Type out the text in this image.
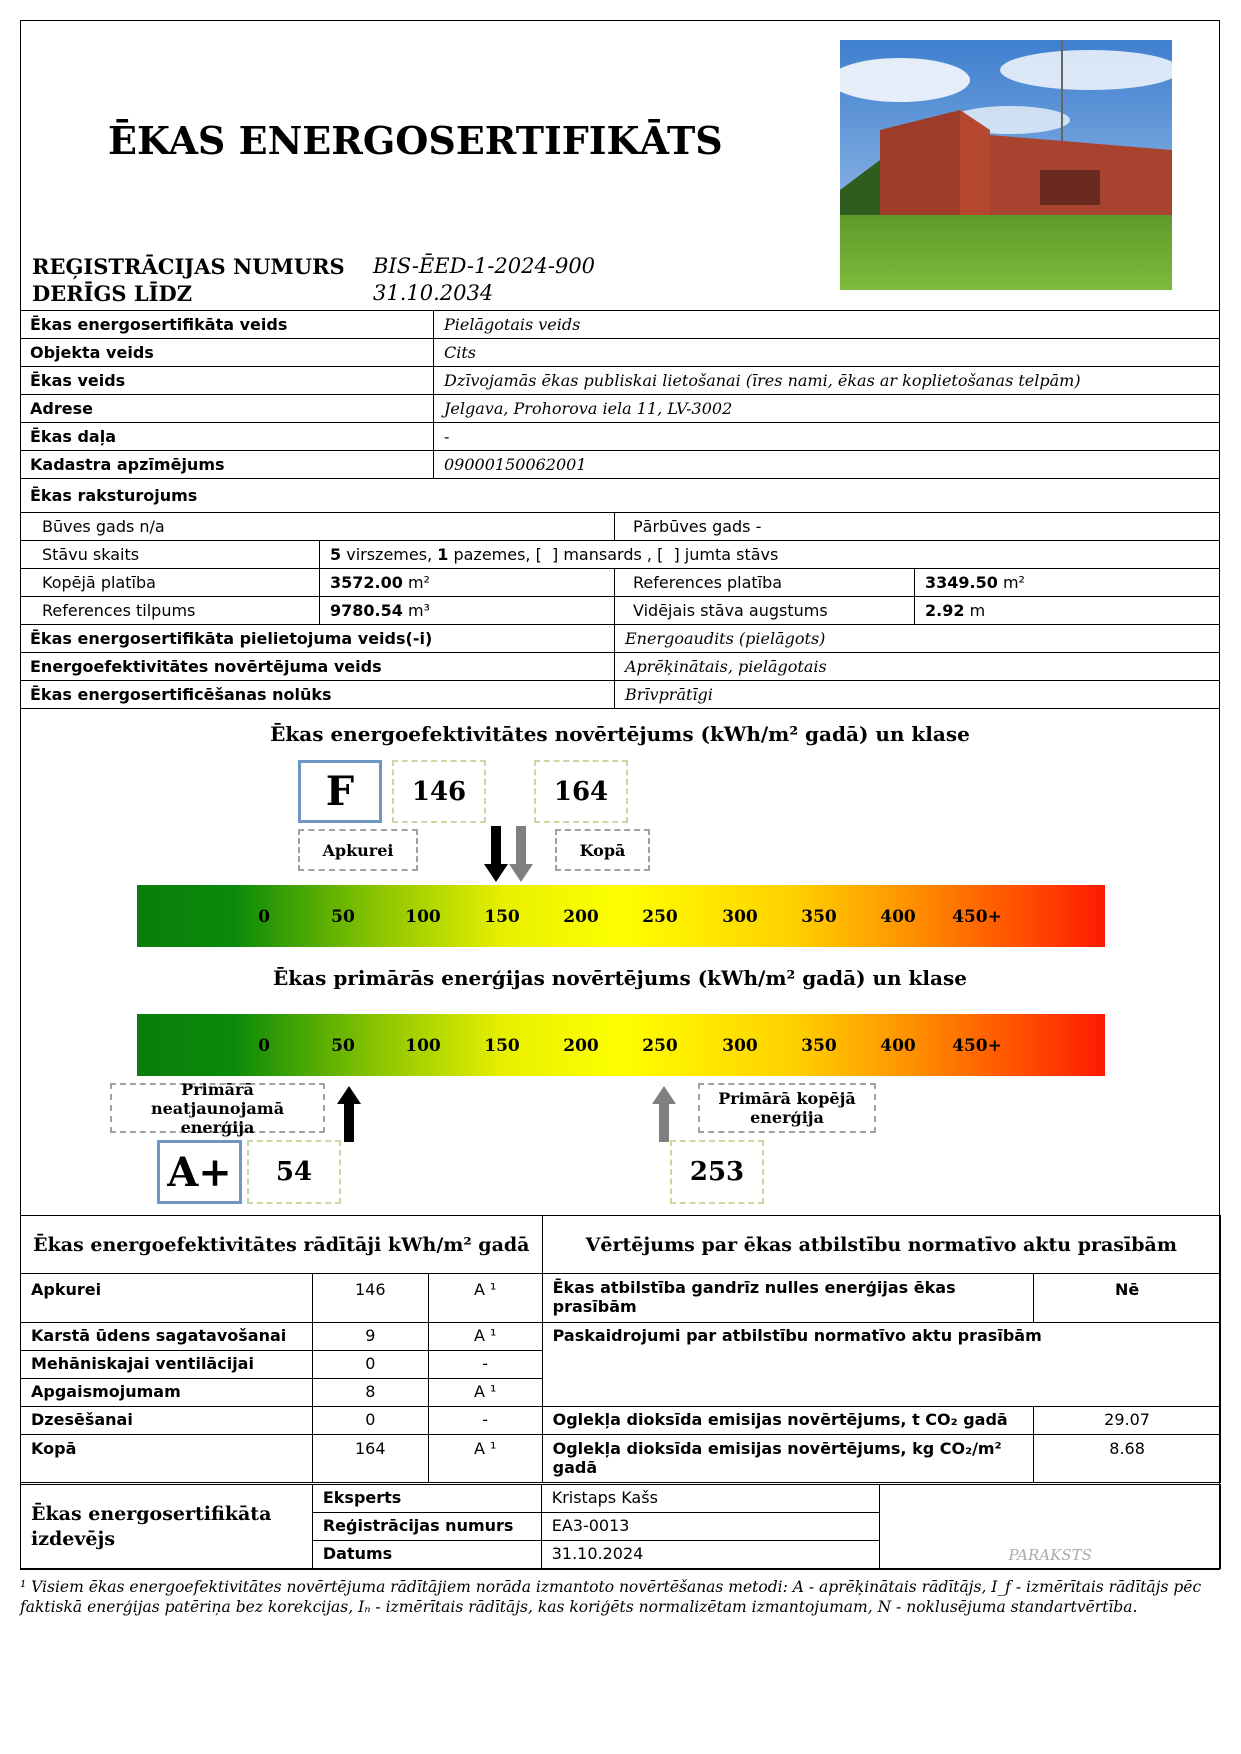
ĒKAS ENERGOSERTIFIKĀTS
REĢISTRĀCIJAS NUMURS BIS-ĒED-1-2024-900
DERĪGS LĪDZ	31.10.2034
Ēkas energosertifikāta veids	Pielāgotais veids
Objekta veids	Cits
Ēkas veids	Dzīvojamās ēkas publiskai lietošanai (īres nami, ēkas ar koplietošanas telpām)
Adrese	Jelgava, Prohorova iela 11, LV-3002
Ēkas daļa	-
Kadastra apzīmējums	09000150062001
Ēkas raksturojums
Būves gads n/a	Pārbūves gads -
Stāvu skaits	5 virszemes, 1 pazemes, [  ] mansards , [  ] jumta stāvs
Kopējā platība	3572.00 m²	References platība	3349.50 m²
References tilpums	9780.54 m³	Vidējais stāva augstums	2.92 m
Ēkas energosertifikāta pielietojuma veids(-i)	Energoaudits (pielāgots)
Energoefektivitātes novērtējuma veids	Aprēķinātais, pielāgotais
Ēkas energosertificēšanas nolūks	Brīvprātīgi
Ēkas energoefektivitātes novērtējums (kWh/m² gadā) un klase
F	146	164
Apkurei	Kopā
0	50	100	150	200	250	300	350	400 450+
Ēkas primārās enerģijas novērtējums (kWh/m² gadā) un klase
0	50	100	150	200	250	300	350	400 450+
Primārā neatjaunojamā enerģija
Primārā kopējā enerģija
A+	54	253
Ēkas energoefektivitātes rādītāji kWh/m² gadā			Vērtējums par ēkas atbilstību normatīvo aktu prasībām	
Apkurei	146	A ¹	Ēkas atbilstība gandrīz nulles enerģijas ēkas prasībām	Nē
Karstā ūdens sagatavošanai	9	A ¹	Paskaidrojumi par atbilstību normatīvo aktu prasībām	
Mehāniskajai ventilācijai	0	-		
Apgaismojumam	8	A ¹		
Dzesēšanai	0	-	Oglekļa dioksīda emisijas novērtējums, t CO₂ gadā	29.07
Kopā	164	A ¹	Oglekļa dioksīda emisijas novērtējums, kg CO₂/m² gadā	8.68
Ēkas energosertifikāta izdevējs	Eksperts	Kristaps Kašs	PARAKSTS
	Reģistrācijas numurs	EA3-0013	
	Datums	31.10.2024	
¹ Visiem ēkas energoefektivitātes novērtējuma rādītājiem norāda izmantoto novērtēšanas metodi: A - aprēķinātais rādītājs, I_f - izmērītais rādītājs pēc faktiskā enerģijas patēriņa bez korekcijas, Iₙ - izmērītais rādītājs, kas koriģēts normalizētam izmantojumam, N - noklusējuma standartvērtība.
